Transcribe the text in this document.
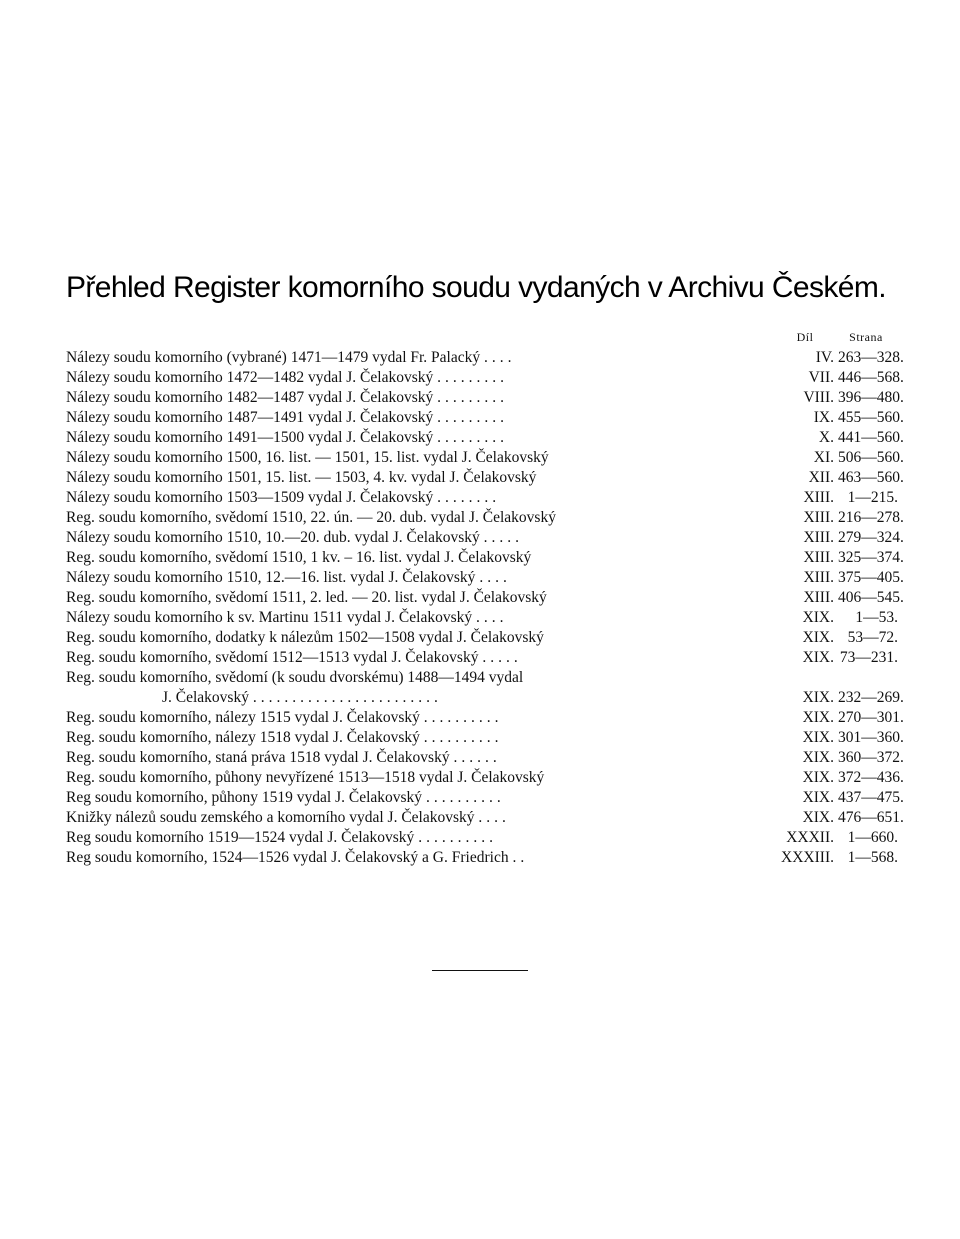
Přehled Register komorního soudu vydaných v Archivu Českém.
Díl	Strana
Nálezy soudu komorního (vybrané) 1471—1479 vydal Fr. Palacký ....	IV. 263—328.
Nálezy soudu komorního 1472—1482 vydal J. Čelakovský .........	VII. 446—568.
Nálezy soudu komorního 1482—1487 vydal J. Čelakovský .........	VIII. 396—480.
Nálezy soudu komorního 1487—1491 vydal J. Čelakovský .........	IX. 455—560.
Nálezy soudu komorního 1491—1500 vydal J. Čelakovský .........	X. 441—560.
Nálezy soudu komorního 1500, 16. list. — 1501, 15. list. vydal J. Čelakovský	XI. 506—560.
Nálezy soudu komorního 1501, 15. list. — 1503, 4. kv. vydal J. Čelakovský	XII. 463—560.
Nálezy soudu komorního 1503—1509 vydal J. Čelakovský ........	XIII. 1—215.
Reg. soudu komorního, svědomí 1510, 22. ún. — 20. dub. vydal J. Čelakovský	XIII. 216—278.
Nálezy soudu komorního 1510, 10.—20. dub. vydal J. Čelakovský .....	XIII. 279—324.
Reg. soudu komorního, svědomí 1510, 1 kv. – 16. list. vydal J. Čelakovský	XIII. 325—374.
Nálezy soudu komorního 1510, 12.—16. list. vydal J. Čelakovský ....	XIII. 375—405.
Reg. soudu komorního, svědomí 1511, 2. led. — 20. list. vydal J. Čelakovský	XIII. 406—545.
Nálezy soudu komorního k sv. Martinu 1511 vydal J. Čelakovský ....	XIX.	1—53.
Reg. soudu komorního, dodatky k nálezům 1502—1508 vydal J. Čelakovský	XIX. 53—72.
Reg. soudu komorního, svědomí 1512—1513 vydal J. Čelakovský .....	XIX. 73—231.
Reg. soudu komorního, svědomí (k soudu dvorskému) 1488—1494 vydal
J. Čelakovský ........................	XIX. 232—269.
Reg. soudu komorního, nálezy 1515 vydal J. Čelakovský ..........	XIX. 270—301.
Reg. soudu komorního, nálezy 1518 vydal J. Čelakovský ..........	XIX. 301—360.
Reg. soudu komorního, staná práva 1518 vydal J. Čelakovský ......	XIX. 360—372.
Reg. soudu komorního, půhony nevyřízené 1513—1518 vydal J. Čelakovský	XIX. 372—436.
Reg soudu komorního, půhony 1519 vydal J. Čelakovský ..........	XIX. 437—475.
Knižky nálezů soudu zemského a komorního vydal J. Čelakovský ....	XIX. 476—651.
Reg soudu komorního 1519—1524 vydal J. Čelakovský ..........	XXXII. 1—660.
Reg soudu komorního, 1524—1526 vydal J. Čelakovský a G. Friedrich ..	XXXIII. 1—568.
